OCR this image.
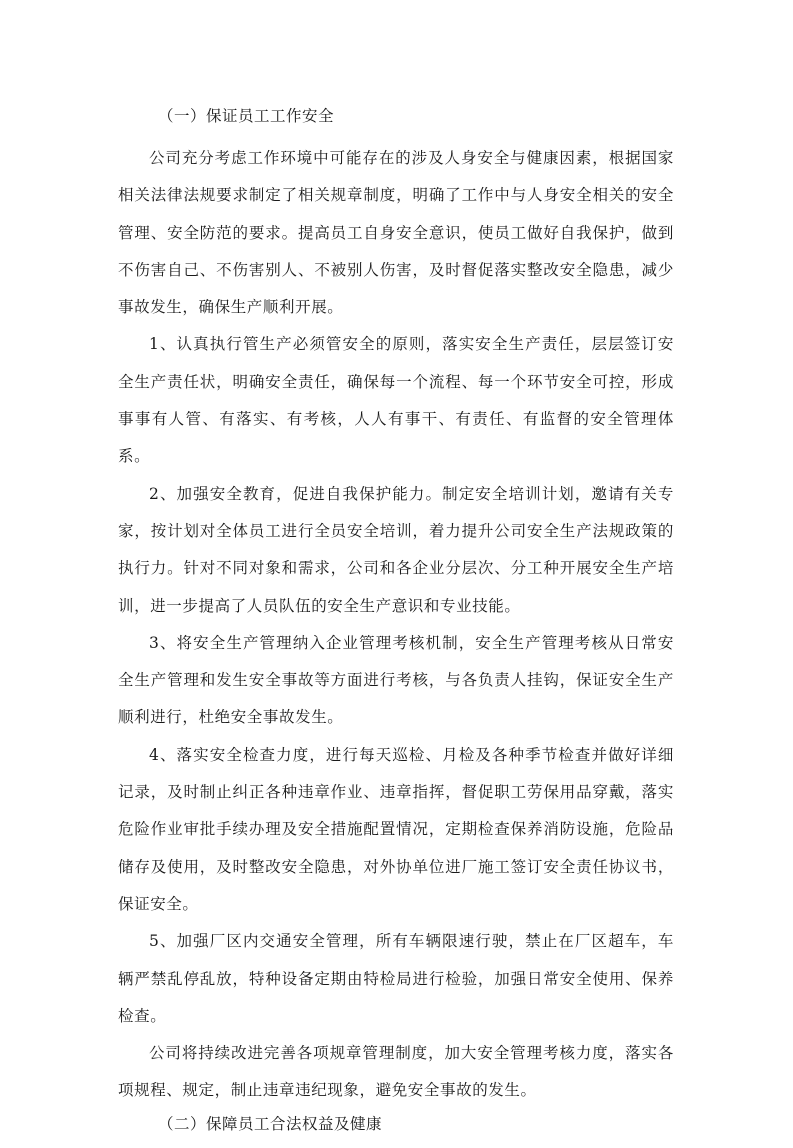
（一）保证员工工作安全

公司充分考虑工作环境中可能存在的涉及人身安全与健康因素，根据国家相关法律法规要求制定了相关规章制度，明确了工作中与人身安全相关的安全管理、安全防范的要求。提高员工自身安全意识，使员工做好自我保护，做到不伤害自己、不伤害别人、不被别人伤害，及时督促落实整改安全隐患，减少事故发生，确保生产顺利开展。

1、认真执行管生产必须管安全的原则，落实安全生产责任，层层签订安全生产责任状，明确安全责任，确保每一个流程、每一个环节安全可控，形成事事有人管、有落实、有考核，人人有事干、有责任、有监督的安全管理体系。

2、加强安全教育，促进自我保护能力。制定安全培训计划，邀请有关专家，按计划对全体员工进行全员安全培训，着力提升公司安全生产法规政策的执行力。针对不同对象和需求，公司和各企业分层次、分工种开展安全生产培训，进一步提高了人员队伍的安全生产意识和专业技能。

3、将安全生产管理纳入企业管理考核机制，安全生产管理考核从日常安全生产管理和发生安全事故等方面进行考核，与各负责人挂钩，保证安全生产顺利进行，杜绝安全事故发生。

4、落实安全检查力度，进行每天巡检、月检及各种季节检查并做好详细记录，及时制止纠正各种违章作业、违章指挥，督促职工劳保用品穿戴，落实危险作业审批手续办理及安全措施配置情况，定期检查保养消防设施，危险品储存及使用，及时整改安全隐患，对外协单位进厂施工签订安全责任协议书，保证安全。

5、加强厂区内交通安全管理，所有车辆限速行驶，禁止在厂区超车，车辆严禁乱停乱放，特种设备定期由特检局进行检验，加强日常安全使用、保养检查。

公司将持续改进完善各项规章管理制度，加大安全管理考核力度，落实各项规程、规定，制止违章违纪现象，避免安全事故的发生。

（二）保障员工合法权益及健康
